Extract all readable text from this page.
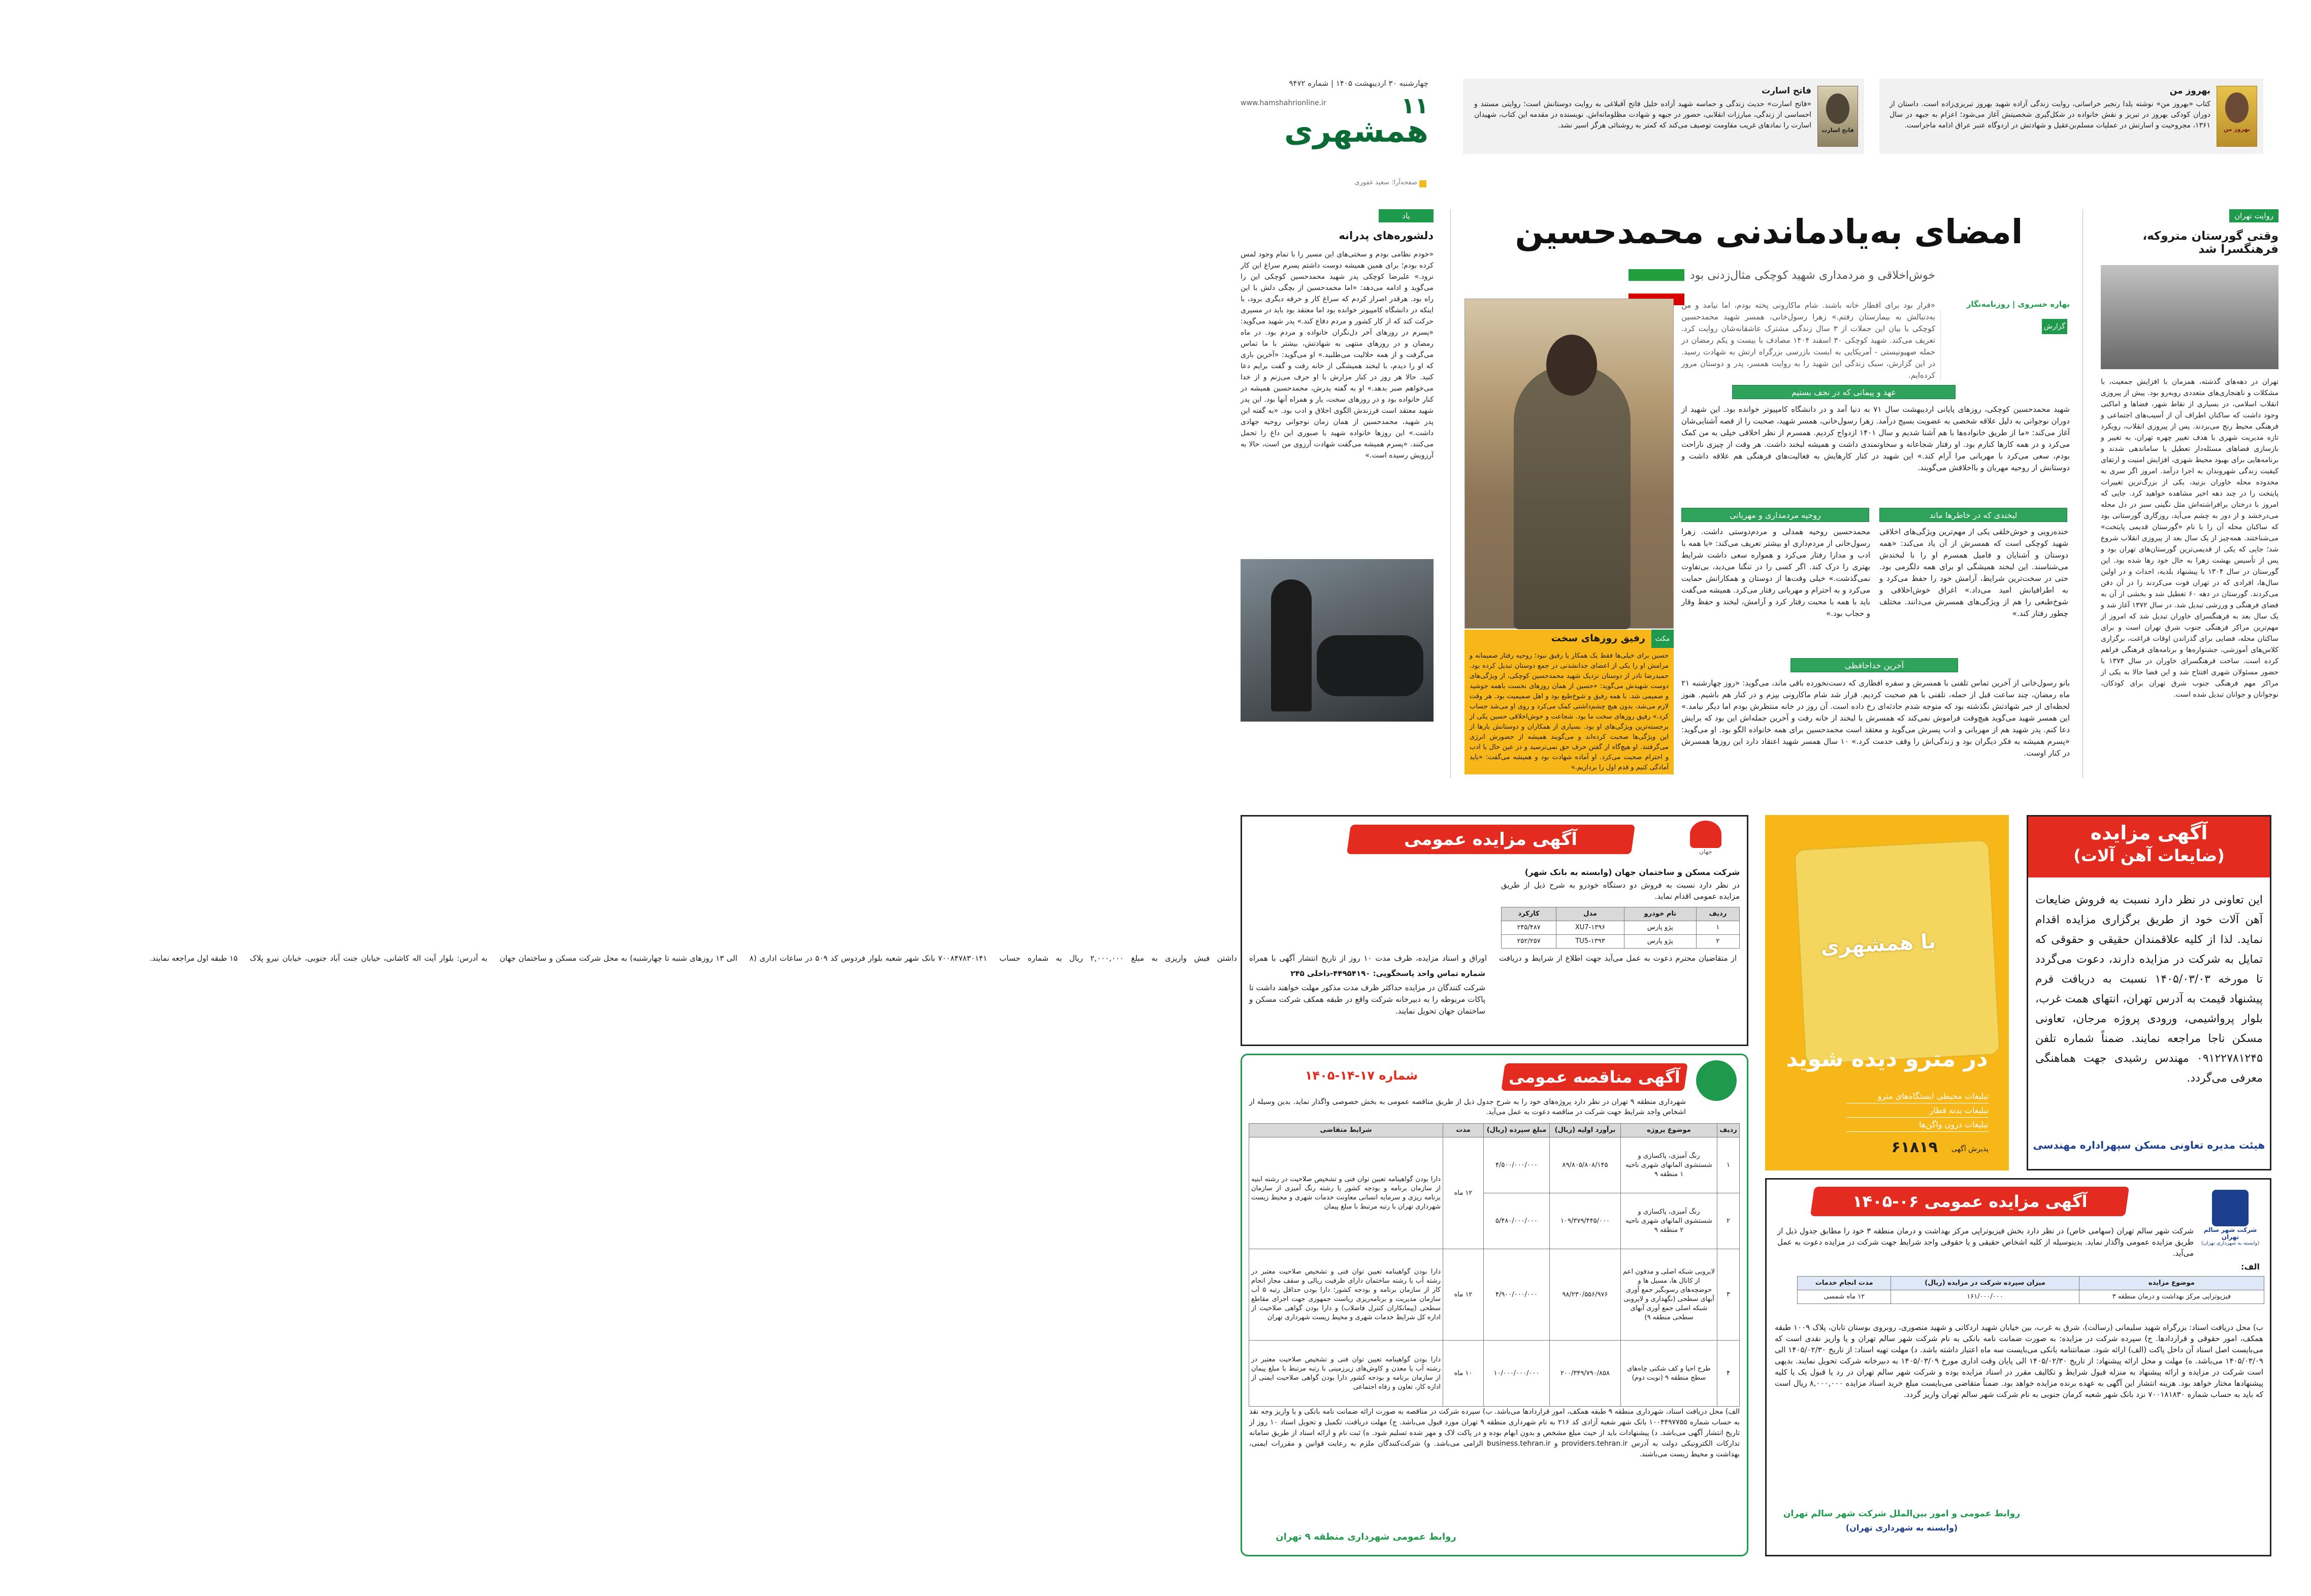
چهارشنبه ۳۰ اردیبهشت ۱۴۰۵ | شماره ۹۴۷۲
۱۱
www.hamshahrionline.ir
همشهری
صفحه‌آرا: سعید غفوری
بهروز من
بهروز من
کتاب «بهروز من» نوشته یلدا رنجبر خراسانی، روایت زندگی آزاده شهید بهروز تبریزی‌زاده است. داستان از دوران کودکی بهروز در تبریز و نقش خانواده در شکل‌گیری شخصیتش آغاز می‌شود؛ اعزام به جبهه در سال ۱۳۶۱، مجروحیت و اسارتش در عملیات مسلم‌بن‌عقیل و شهادتش در اردوگاه عنبر عراق ادامه ماجراست.
فاتح اسارت
فاتح اسارت
«فاتح اسارت» حدیث زندگی و حماسه شهید آزاده خلیل فاتح آقبلاغی به روایت دوستانش است؛ روایتی مستند و احساسی از زندگی، مبارزات انقلابی، حضور در جبهه و شهادت مظلومانه‌اش. نویسنده در مقدمه این کتاب، شهیدان اسارت را نمادهای غریب مقاومت توصیف می‌کند که کمتر به روشنائی هرگز اسیر نشد.
روایت تهران
وقتی گورستان متروکه، فرهنگسرا شد
تهران در دهه‌های گذشته، همزمان با افزایش جمعیت، با مشکلات و ناهنجاری‌های متعددی روبه‌رو بود. پیش از پیروزی انقلاب اسلامی، در بسیاری از نقاط شهر، فضاها و اماکنی وجود داشت که ساکنان اطراف آن از آسیب‌های اجتماعی و فرهنگی محیط رنج می‌بردند. پس از پیروزی انقلاب، رویکرد تازه مدیریت شهری با هدف تغییر چهره تهران، به تغییر و بازسازی فضاهای مسئله‌دار تعطیل یا ساماندهی شدند و برنامه‌هایی برای بهبود محیط شهری، افزایش امنیت و ارتقای کیفیت زندگی شهروندان به اجرا درآمد. امروز اگر سری به محدوده محله خاوران بزنید، یکی از بزرگ‌ترین تغییرات پایتخت را در چند دهه اخیر مشاهده خواهید کرد. جایی که امروز با درختان برافراشته‌اش مثل نگینی سبز در دل محله می‌درخشد و از دور به چشم می‌آید، روزگاری گورستانی بود که ساکنان محله آن را با نام «گورستان قدیمی پایتخت» می‌شناختند. همه‌چیز از یک سال بعد از پیروزی انقلاب شروع شد؛ جایی که یکی از قدیمی‌ترین گورستان‌های تهران بود و پس از تأسیس بهشت زهرا به حال خود رها شده بود. این گورستان در سال ۱۳۰۴ با پیشنهاد بلدیه، احداث و در اولین سال‌ها، افرادی که در تهران فوت می‌کردند را در آن دفن می‌کردند. گورستان در دهه ۶۰ تعطیل شد و بخشی از آن به فضای فرهنگی و ورزشی تبدیل شد. در سال ۱۳۷۲ آغاز شد و یک سال بعد به فرهنگسرای خاوران تبدیل شد که امروز از مهم‌ترین مراکز فرهنگی جنوب شرق تهران است و برای ساکنان محله، فضایی برای گذراندن اوقات فراغت، برگزاری کلاس‌های آموزشی، جشنواره‌ها و برنامه‌های فرهنگی فراهم کرده است. ساخت فرهنگسرای خاوران در سال ۱۳۷۴ با حضور مسئولان شهری افتتاح شد و این فضا حالا به یکی از مراکز مهم فرهنگی جنوب شرق تهران برای کودکان، نوجوانان و جوانان تبدیل شده است.
امضای به‌یادماندنی محمدحسین
خوش‌اخلاقی و مردمداری شهید کوچکی مثال‌زدنی بود
گزارش
بهاره خسروی | روزنامه‌نگار
«قرار بود برای افطار خانه باشند. شام ماکارونی پخته بودم، اما نیامد و من به‌دنبالش به بیمارستان رفتم.» زهرا رسول‌خانی، همسر شهید محمدحسین کوچکی با بیان این جملات از ۳ سال زندگی مشترک عاشقانه‌شان روایت کرد. تعریف می‌کند. شهید کوچکی ۳۰ اسفند ۱۴۰۴ مصادف با بیست و یکم رمضان در حمله صهیونیستی - آمریکایی به ایست بازرسی بزرگراه ارتش به شهادت رسید. در این گزارش، سبک زندگی این شهید را به روایت همسر، پدر و دوستان مرور کرده‌ایم.
عهد و پیمانی که در نجف بستیم
شهید محمدحسین کوچکی، روزهای پایانی اردیبهشت سال ۷۱ به دنیا آمد و در دانشگاه کامپیوتر خوانده بود. این شهید از دوران نوجوانی به دلیل علاقه شخصی به عضویت بسیج درآمد. زهرا رسول‌خانی، همسر شهید، صحبت را از قصه آشنایی‌شان آغاز می‌کند: «ما از طریق خانواده‌ها با هم آشنا شدیم و سال ۱۴۰۱ ازدواج کردیم. همسرم از نظر اخلاقی خیلی به من کمک می‌کرد و در همه کارها کنارم بود. او رفتار شجاعانه و سخاوتمندی داشت و همیشه لبخند داشت. هر وقت از چیزی ناراحت بودم، سعی می‌کرد با مهربانی مرا آرام کند.» این شهید در کنار کارهایش به فعالیت‌های فرهنگی هم علاقه داشت و دوستانش از روحیه مهربان و بااخلاقش می‌گویند.
لبخندی که در خاطرها ماند
خنده‌رویی و خوش‌خلقی یکی از مهم‌ترین ویژگی‌های اخلاقی شهید کوچکی است که همسرش از آن یاد می‌کند: «همه دوستان و آشنایان و فامیل همسرم او را با لبخندش می‌شناسند. این لبخند همیشگی او برای همه دلگرمی بود. حتی در سخت‌ترین شرایط، آرامش خود را حفظ می‌کرد و به اطرافیانش امید می‌داد.» اغراق خوش‌اخلاقی و شوخ‌طبعی را هم از ویژگی‌های همسرش می‌دانند. مختلف چطور رفتار کند.»
روحیه مردمداری و مهربانی
محمدحسین روحیه همدلی و مردم‌دوستی داشت. زهرا رسول‌خانی از مردم‌داری او بیشتر تعریف می‌کند: «با همه با ادب و مدارا رفتار می‌کرد و همواره سعی داشت شرایط بهتری را درک کند. اگر کسی را در تنگنا می‌دید، بی‌تفاوت نمی‌گذشت.» خیلی وقت‌ها از دوستان و همکارانش حمایت می‌کرد و به احترام و مهربانی رفتار می‌کرد. همیشه می‌گفت باید با همه با محبت رفتار کرد و آرامش، لبخند و حفظ وقار و حجاب بود.»
آخرین خداحافظی
بانو رسول‌خانی از آخرین تماس تلفنی با همسرش و سفره افطاری که دست‌نخورده باقی ماند، می‌گوید: «روز چهارشنبه ۲۱ ماه رمضان، چند ساعت قبل از حمله، تلفنی با هم صحبت کردیم. قرار شد شام ماکارونی بپزم و در کنار هم باشیم. هنوز لحظه‌ای از خبر شهادتش نگذشته بود که متوجه شدم حادثه‌ای رخ داده است. آن روز در خانه منتظرش بودم اما دیگر نیامد.» این همسر شهید می‌گوید هیچ‌وقت فراموش نمی‌کند که همسرش با لبخند از خانه رفت و آخرین جمله‌اش این بود که برایش دعا کنم. پدر شهید هم از مهربانی و ادب پسرش می‌گوید و معتقد است محمدحسین برای همه خانواده الگو بود. او می‌گوید: «پسرم همیشه به فکر دیگران بود و زندگی‌اش را وقف خدمت کرد.» ۱۰ سال همسر شهید اعتقاد دارد این روزها همسرش در کنار اوست.
مکث
رفیق روزهای سخت
حسین برای خیلی‌ها فقط یک همکار یا رفیق نبود؛ روحیه رفتار صمیمانه و مرامش او را یکی از اعضای جدانشدنی در جمع دوستان تبدیل کرده بود. حمیدرضا نادر از دوستان نزدیک شهید محمدحسین کوچکی، از ویژگی‌های دوست شهیدش می‌گوید: «حسین از همان روزهای نخست باهمه جوشید و صمیمی شد. با همه رفیق و شوخ‌طبع بود و اهل صمیمیت بود. هر وقت لازم می‌شد، بدون هیچ چشم‌داشتی کمک می‌کرد و روی او می‌شد حساب کرد.» رفیق روزهای سخت ما بود. شجاعت و خوش‌اخلاقی حسین یکی از برجسته‌ترین ویژگی‌های او بود. بسیاری از همکاران و دوستانش بارها از این ویژگی‌ها صحبت کرده‌اند و می‌گویند همیشه از حضورش انرژی می‌گرفتند. او هیچ‌گاه از گفتن حرف حق نمی‌ترسید و در عین حال با ادب و احترام صحبت می‌کرد. او آماده شهادت بود و همیشه می‌گفت: «باید آمادگی کنیم و قدم اول را برداریم.»
یاد
دلشوره‌های پدرانه
«خودم نظامی بودم و سختی‌های این مسیر را با تمام وجود لمس کرده بودم؛ برای همین همیشه دوست داشتم پسرم سراغ این کار نرود.» علیرضا کوچکی پدر شهید محمدحسین کوچکی این را می‌گوید و ادامه می‌دهد: «اما محمدحسین از بچگی دلش با این راه بود. هرقدر اصرار کردم که سراغ کار و حرفه دیگری برود، با اینکه در دانشگاه کامپیوتر خوانده بود اما معتقد بود باید در مسیری حرکت کند که از کار کشور و مردم دفاع کند.» پدر شهید می‌گوید: «پسرم در روزهای آخر دل‌نگران خانواده و مردم بود. در ماه رمضان و در روزهای منتهی به شهادتش، بیشتر با ما تماس می‌گرفت و از همه حلالیت می‌طلبید.» او می‌گوید: «آخرین باری که او را دیدم، با لبخند همیشگی از خانه رفت و گفت برایم دعا کنید. حالا هر روز در کنار مزارش با او حرف می‌زنم و از خدا می‌خواهم صبر بدهد.» او به گفته پدرش، محمدحسین همیشه در کنار خانواده بود و در روزهای سخت، یار و همراه آنها بود. این پدر شهید معتقد است فرزندش الگوی اخلاق و ادب بود. «به گفته این پدر شهید، محمدحسین از همان زمان نوجوانی روحیه جهادی داشت.» این روزها خانواده شهید با صبوری این داغ را تحمل می‌کنند. «پسرم همیشه می‌گفت شهادت آرزوی من است، حالا به آرزویش رسیده است.»
آگهی مزایده عمومی
جهان
شرکت مسکن و ساختمان جهان (وابسته به بانک شهر)
در نظر دارد نسبت به فروش دو دستگاه خودرو به شرح ذیل از طریق مزایده عمومی اقدام نماید.
ردیف	نام خودرو	مدل	کارکرد
۱	پژو پارس	۱۳۹۶-XU7	۲۴۵/۴۸۷
۲	پژو پارس	۱۳۹۳-TU5	۲۵۲/۲۵۷
از متقاضیان محترم دعوت به عمل می‌آید جهت اطلاع از شرایط و دریافت اوراق و اسناد مزایده، ظرف مدت ۱۰ روز از تاریخ انتشار آگهی با همراه داشتن فیش واریزی به مبلغ ۲,۰۰۰,۰۰۰ ریال به شماره حساب ۷۰۰۸۴۷۸۳۰۱۴۱ بانک شهر شعبه بلوار فردوس کد ۵۰۹ در ساعات اداری (۸ الی ۱۳ روزهای شنبه تا چهارشنبه) به محل شرکت مسکن و ساختمان جهان به آدرس: بلوار آیت اله کاشانی، خیابان جنت آباد جنوبی، خیابان نیرو پلاک ۱۵ طبقه اول مراجعه نمایند.
شماره تماس واحد پاسخگویی: ۴۴۹۵۴۱۹۰-داخلی ۲۴۵
شرکت کنندگان در مزایده حداکثر ظرف مدت مذکور مهلت خواهند داشت تا پاکات مربوطه را به دبیرخانه شرکت واقع در طبقه همکف شرکت مسکن و ساختمان جهان تحویل نمایند.
با همشهری
در مترو دیده شوید
تبلیغات محیطی ایستگاه‌های مترو
تبلیغات بدنه قطار
تبلیغات درون واگن‌ها
پذیرش آگهی
۶۱۸۱۹
آگهی مزایده
(ضایعات آهن آلات)
این تعاونی در نظر دارد نسبت به فروش ضایعات آهن آلات خود از طریق برگزاری مزایده اقدام نماید. لذا از کلیه علاقمندان حقیقی و حقوقی که تمایل به شرکت در مزایده دارند، دعوت می‌گردد تا مورخه ۱۴۰۵/۰۳/۰۳ نسبت به دریافت فرم پیشنهاد قیمت به آدرس تهران، انتهای همت غرب، بلوار پرواشیمی، ورودی پروژه مرجان، تعاونی مسکن ناجا مراجعه نمایند. ضمناً شماره تلفن ۰۹۱۲۲۷۸۱۲۴۵ مهندس رشیدی جهت هماهنگی معرفی می‌گردد.
هیئت مدیره تعاونی مسکن سپهراداره مهندسی
آگهی مناقصه عمومی
شماره ۱۷-۱۴-۱۴۰۵
شهرداری منطقه ۹ تهران در نظر دارد پروژه‌های خود را به شرح جدول ذیل از طریق مناقصه عمومی به بخش خصوصی واگذار نماید. بدین وسیله از اشخاص واجد شرایط جهت شرکت در مناقصه دعوت به عمل می‌آید.
ردیف	موضوع پروژه	برآورد اولیه (ریال)	مبلغ سپرده (ریال)	مدت	شرایط متقاضی
۱	رنگ آمیزی، پاکسازی و شستشوی المانهای شهری ناحیه ۱ منطقه ۹	۸۹/۸۰۵/۸۰۸/۱۴۵	۴/۵۰۰/۰۰۰/۰۰۰	۱۲ ماه	دارا بودن گواهینامه تعیین توان فنی و تشخیص صلاحیت در رشته ابنیه از سازمان برنامه و بودجه کشور یا رشته رنگ آمیزی از سازمان برنامه ریزی و سرمایه انسانی معاونت خدمات شهری و محیط زیست شهرداری تهران با رتبه مرتبط با مبلغ پیمان
۲	رنگ آمیزی، پاکسازی و شستشوی المانهای شهری ناحیه ۲ منطقه ۹	۱۰۹/۳۷۹/۴۴۵/۰۰۰	۵/۴۸۰/۰۰۰/۰۰۰		
۳	لایروبی شبکه اصلی و مدفون اعم از کانال ها، مسیل ها و حوضچه‌های رسوبگیر جمع آوری آبهای سطحی (نگهداری و لایروبی شبکه اصلی جمع آوری آبهای سطحی منطقه ۹)	۹۸/۲۳۰/۵۵۶/۹۷۶	۴/۹۰۰/۰۰۰/۰۰۰	۱۲ ماه	دارا بودن گواهینامه تعیین توان فنی و تشخیص صلاحیت معتبر در رشته آب یا رشته ساختمان دارای ظرفیت ریالی و سقف مجاز انجام کار از سازمان برنامه و بودجه کشور؛ دارا بودن حداقل رتبه ۵ آب سازمان مدیریت و برنامه‌ریزی ریاست جمهوری جهت اجرای مقاطع سطحی (پیمانکاران کنترل فاضلاب) و دارا بودن گواهی صلاحیت از اداره کل شرایط خدمات شهری و محیط زیست شهرداری تهران
۴	طرح احیا و کف شکنی چاه‌های سطح منطقه ۹ (نوبت دوم)	۲۰۰/۳۴۹/۷۹۰/۸۵۸	۱۰/۰۰۰/۰۰۰/۰۰۰	۱۰ ماه	دارا بودن گواهینامه تعیین توان فنی و تشخیص صلاحیت معتبر در رشته آب یا معدن و کاوش‌های زیرزمینی با رتبه مرتبط با مبلغ پیمان از سازمان برنامه و بودجه کشور دارا بودن گواهی صلاحیت ایمنی از اداره کار، تعاون و رفاه اجتماعی
الف) محل دریافت اسناد، شهرداری منطقه ۹ طبقه همکف، امور قراردادها می‌باشد. ب) سپرده شرکت در مناقصه به صورت ارائه ضمانت نامه بانکی و یا واریز وجه نقد به حساب شماره ۱۰۰۴۴۹۷۷۵۵ بانک شهر شعبه آزادی کد ۲۱۶ به نام شهرداری منطقه ۹ تهران مورد قبول می‌باشد. ج) مهلت دریافت، تکمیل و تحویل اسناد ۱۰ روز از تاریخ انتشار آگهی می‌باشد. د) پیشنهادات باید از حیث مبلغ مشخص و بدون ابهام بوده و در پاکت لاک و مهر شده تسلیم شود. ه) ثبت نام و ارائه اسناد از طریق سامانه تدارکات الکترونیکی دولت به آدرس providers.tehran.ir و business.tehran.ir الزامی می‌باشد. و) شرکت‌کنندگان ملزم به رعایت قوانین و مقررات ایمنی، بهداشت و محیط زیست می‌باشند.
روابط عمومی شهرداری منطقه ۹ تهران
آگهی مزایده عمومی ۰۶-۱۴۰۵
شرکت شهر سالم تهران
(وابسته به شهرداری تهران)
شرکت شهر سالم تهران (سهامی خاص) در نظر دارد بخش فیزیوتراپی مرکز بهداشت و درمان منطقه ۳ خود را مطابق جدول ذیل از طریق مزایده عمومی واگذار نماید. بدینوسیله از کلیه اشخاص حقیقی و یا حقوقی واجد شرایط جهت شرکت در مزایده دعوت به عمل می‌آید.
الف:
موضوع مزایده	میزان سپرده شرکت در مزایده (ریال)	مدت انجام خدمات
فیزیوتراپی مرکز بهداشت و درمان منطقه ۳	۱۶۱/۰۰۰/۰۰۰	۱۲ ماه شمسی
ب) محل دریافت اسناد: بزرگراه شهید سلیمانی (رسالت)، شرق به غرب، بین خیابان شهید اردکانی و شهید منصوری، روبروی بوستان تابان، پلاک ۱۰۰۹ طبقه همکف، امور حقوقی و قراردادها. ج) سپرده شرکت در مزایده: به صورت ضمانت نامه بانکی به نام شرکت شهر سالم تهران و یا واریز نقدی است که می‌بایست اصل اسناد آن داخل پاکت (الف) ارائه شود. ضمانتنامه بانکی می‌بایست سه ماه اعتبار داشته باشد. د) مهلت تهیه اسناد: از تاریخ ۱۴۰۵/۰۲/۳۰ الی ۱۴۰۵/۰۳/۰۹ می‌باشد. ه) مهلت و محل ارائه پیشنهاد: از تاریخ ۱۴۰۵/۰۲/۳۰ الی پایان وقت اداری مورخ ۱۴۰۵/۰۳/۰۹ به دبیرخانه شرکت تحویل نمایند. بدیهی است شرکت در مزایده و ارائه پیشنهاد به منزله قبول شرایط و تکالیف مقرر در اسناد مزایده بوده و شرکت شهر سالم تهران در رد یا قبول یک یا کلیه پیشنهادها مختار خواهد بود. هزینه انتشار این آگهی به عهده برنده مزایده خواهد بود. ضمناً متقاضی می‌بایست مبلغ خرید اسناد مزایده ۸,۰۰۰,۰۰۰ ریال است که باید به حساب شماره ۷۰۰۱۸۱۸۳۰ نزد بانک شهر شعبه کرمان جنوبی به نام شرکت شهر سالم تهران واریز گردد.
روابط عمومی و امور بین‌الملل شرکت شهر سالم تهران
(وابسته به شهرداری تهران)
